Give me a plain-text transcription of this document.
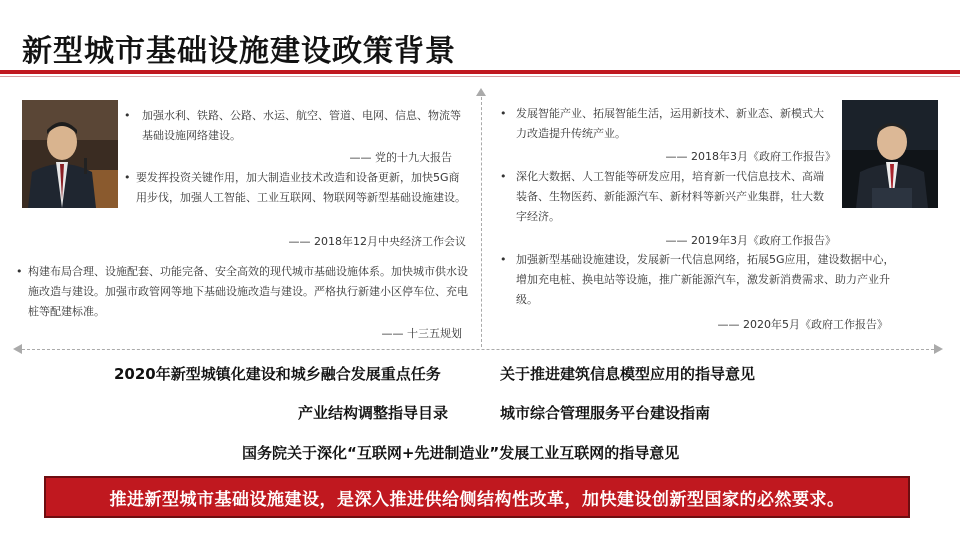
新型城市基础设施建设政策背景
• 加强水利、铁路、公路、水运、航空、管道、电网、信息、物流等基础设施网络建设。
—— 党的十九大报告
• 要发挥投资关键作用，加大制造业技术改造和设备更新，加快5G商用步伐，加强人工智能、工业互联网、物联网等新型基础设施建设。
—— 2018年12月中央经济工作会议
• 构建布局合理、设施配套、功能完备、安全高效的现代城市基础设施体系。加快城市供水设施改造与建设。加强市政管网等地下基础设施改造与建设。严格执行新建小区停车位、充电桩等配建标准。
—— 十三五规划
• 发展智能产业、拓展智能生活，运用新技术、新业态、新模式大力改造提升传统产业。
—— 2018年3月《政府工作报告》
• 深化大数据、人工智能等研发应用，培育新一代信息技术、高端装备、生物医药、新能源汽车、新材料等新兴产业集群，壮大数字经济。
—— 2019年3月《政府工作报告》
• 加强新型基础设施建设，发展新一代信息网络，拓展5G应用，建设数据中心，增加充电桩、换电站等设施，推广新能源汽车，激发新消费需求、助力产业升级。
—— 2020年5月《政府工作报告》
2020年新型城镇化建设和城乡融合发展重点任务	关于推进建筑信息模型应用的指导意见
产业结构调整指导目录	城市综合管理服务平台建设指南
国务院关于深化“互联网+先进制造业”发展工业互联网的指导意见
推进新型城市基础设施建设，是深入推进供给侧结构性改革，加快建设创新型国家的必然要求。
